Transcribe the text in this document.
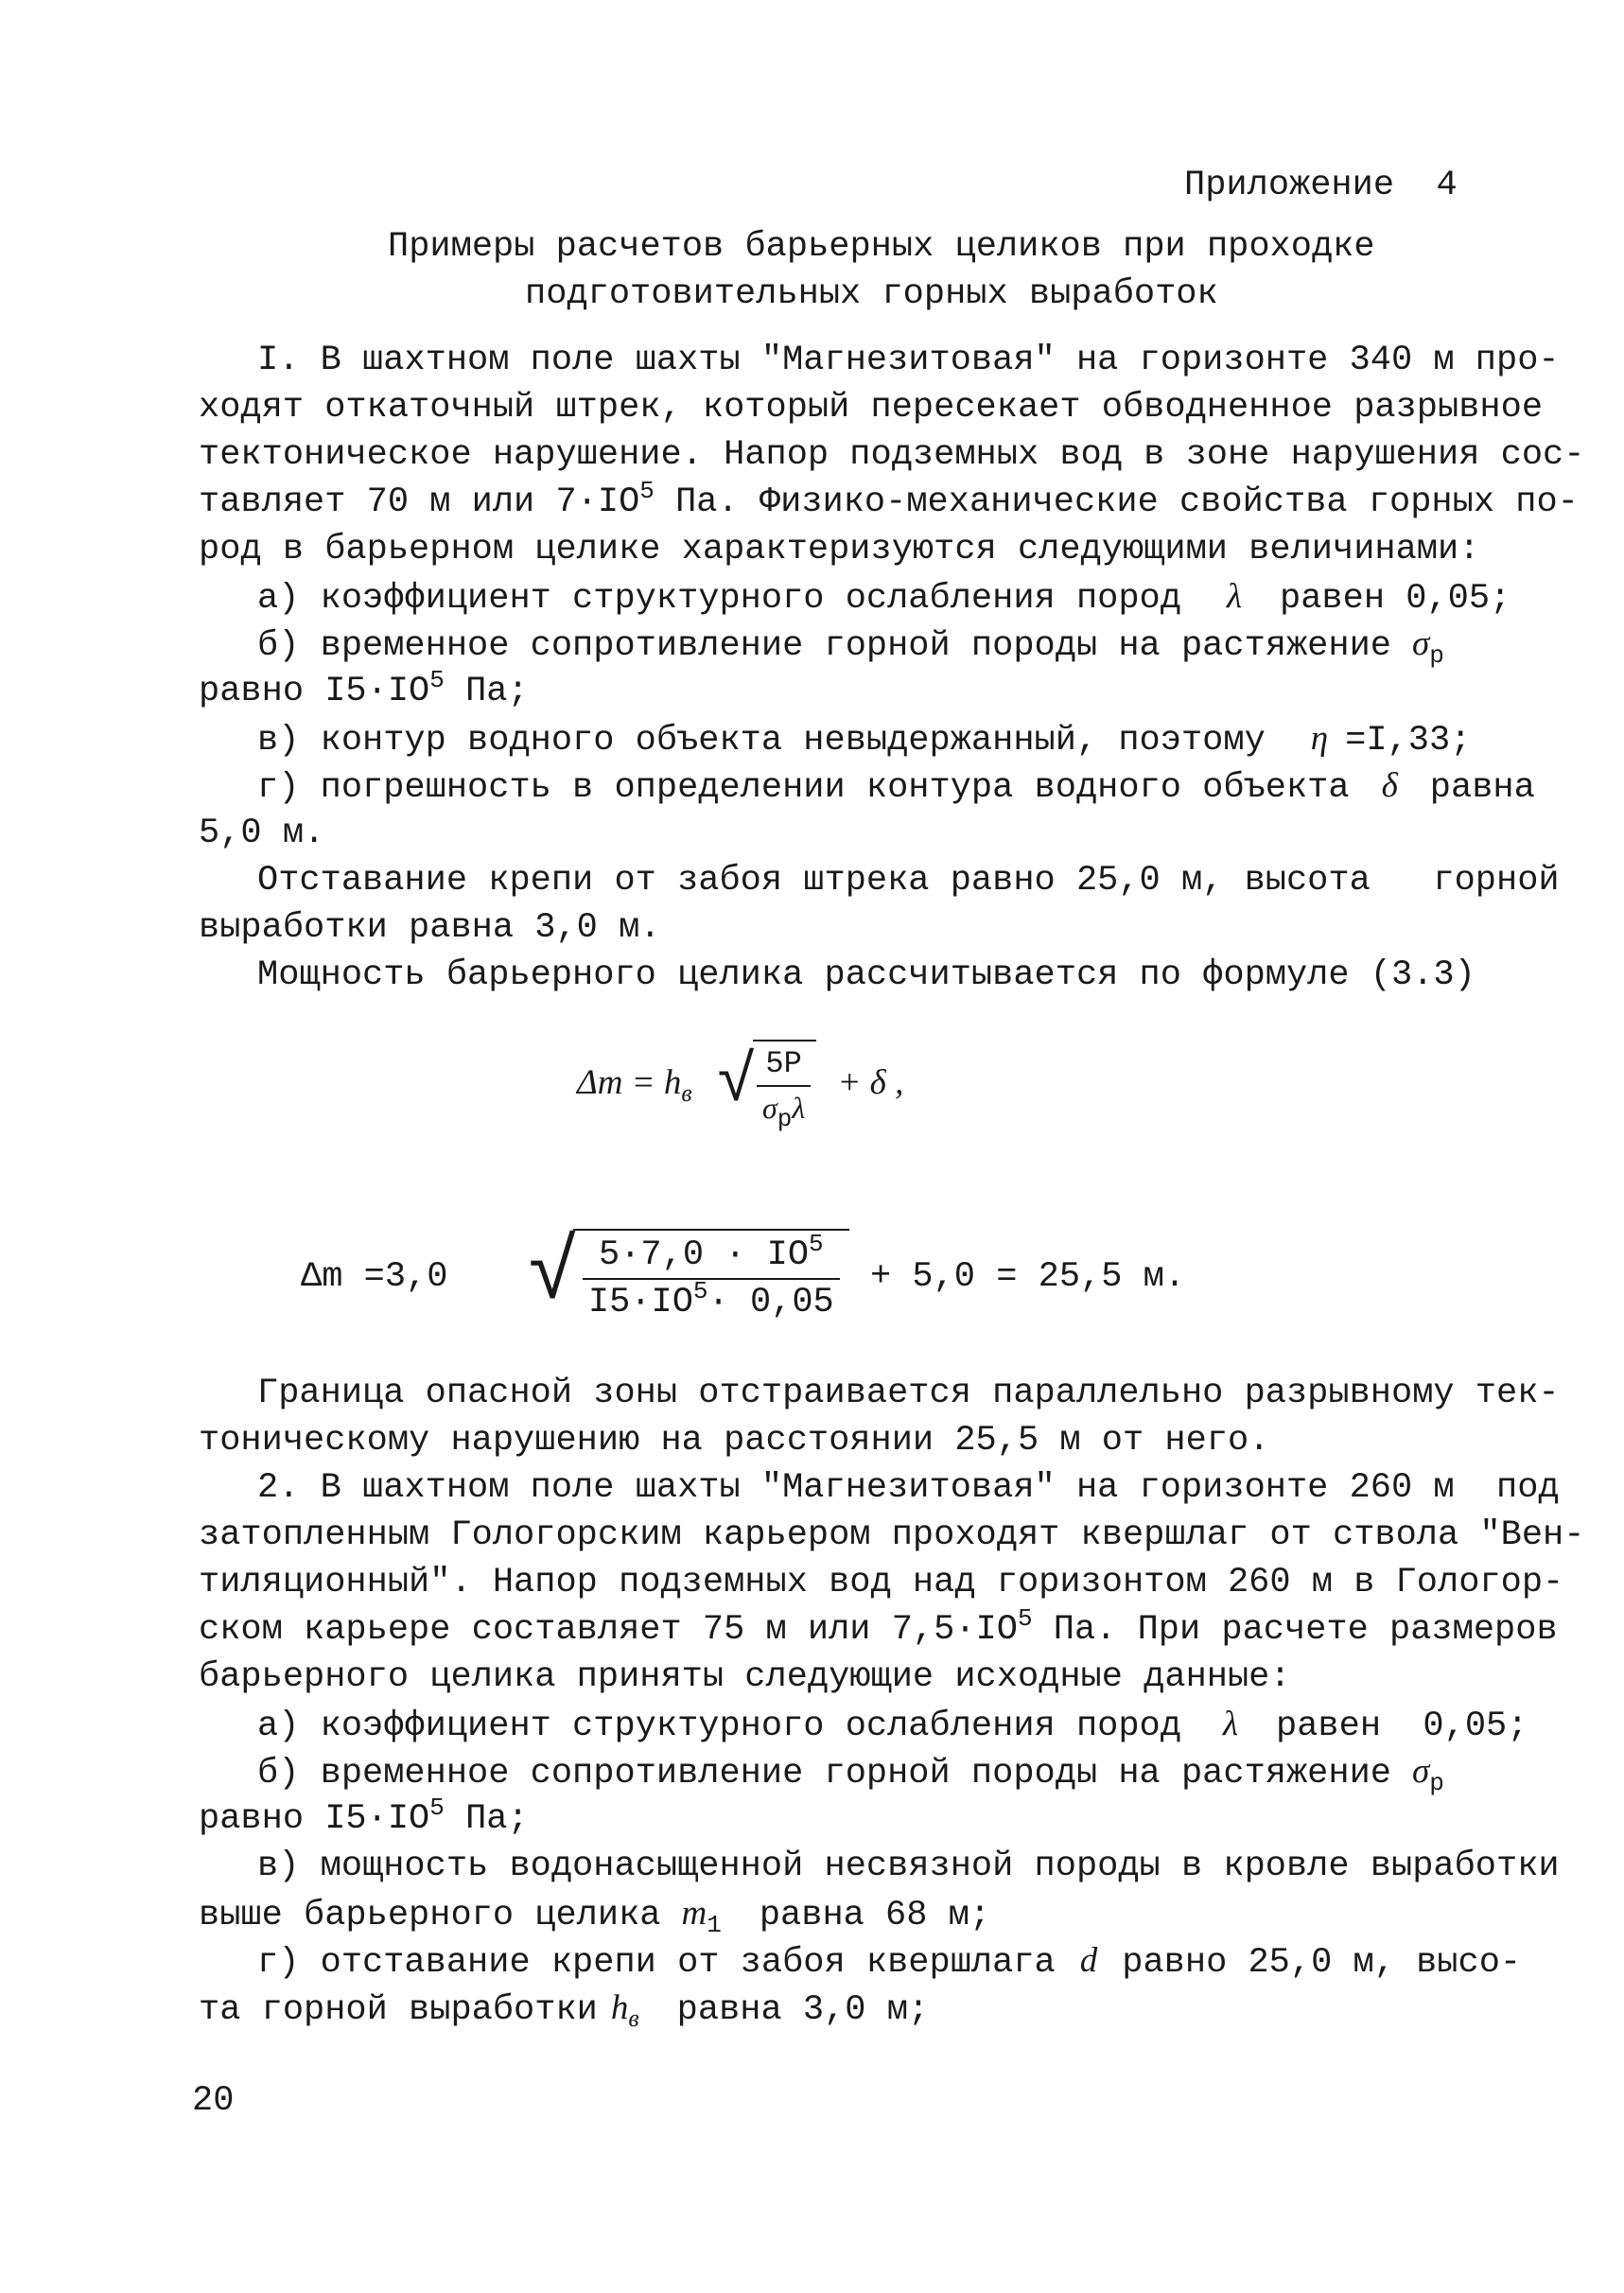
Приложение  4
Примеры расчетов барьерных целиков при проходке
подготовительных горных выработок
I. В шахтном поле шахты "Магнезитовая" на горизонте 340 м про-
ходят откаточный штрек, который пересекает обводненное разрывное
тектоническое нарушение. Напор подземных вод в зоне нарушения сос-
тавляет 70 м или $7\cdot IO^5$ Па. Физико-механические свойства горных по-
род в барьерном целике характеризуются следующими величинами:
а) коэффициент структурного ослабления пород λ равен 0,05;
б) временное сопротивление горной породы на растяжение $\sigma_р$
равно $I5\cdot IO^5$ Па;
в) контур водного объекта невыдержанный, поэтому η =I,33;
г) погрешность в определении контура водного объекта δ равна
5,0 м.
Отставание крепи от забоя штрека равно 25,0 м, высота   горной
выработки равна 3,0 м.
Мощность барьерного целика рассчитывается по формуле (3.3)
$\Delta m = h_в$ √ $\frac{5P}{\sigma_р\lambda} + \delta$ ,
Δm =3,0 √ $\frac{5\cdot 7,0 \cdot IO^5}{I5\cdot IO^5\cdot 0,05} + 5,0 = 25,5$ м.
Граница опасной зоны отстраивается параллельно разрывному тек-
тоническому нарушению на расстоянии 25,5 м от него.
2. В шахтном поле шахты "Магнезитовая" на горизонте 260 м  под
затопленным Гологорским карьером проходят квершлаг от ствола "Вен-
тиляционный". Напор подземных вод над горизонтом 260 м в Гологор-
ском карьере составляет 75 м или $7,5\cdot IO^5$ Па. При расчете размеров
барьерного целика приняты следующие исходные данные:
а) коэффициент структурного ослабления пород λ равен  0,05;
б) временное сопротивление горной породы на растяжение $\sigma_р$
равно $I5\cdot IO^5$ Па;
в) мощность водонасыщенной несвязной породы в кровле выработки
выше барьерного целика $m_1$ равна 68 м;
г) отставание крепи от забоя квершлага d равно 25,0 м, высо-
та горной выработки $h_в$ равна 3,0 м;
20
